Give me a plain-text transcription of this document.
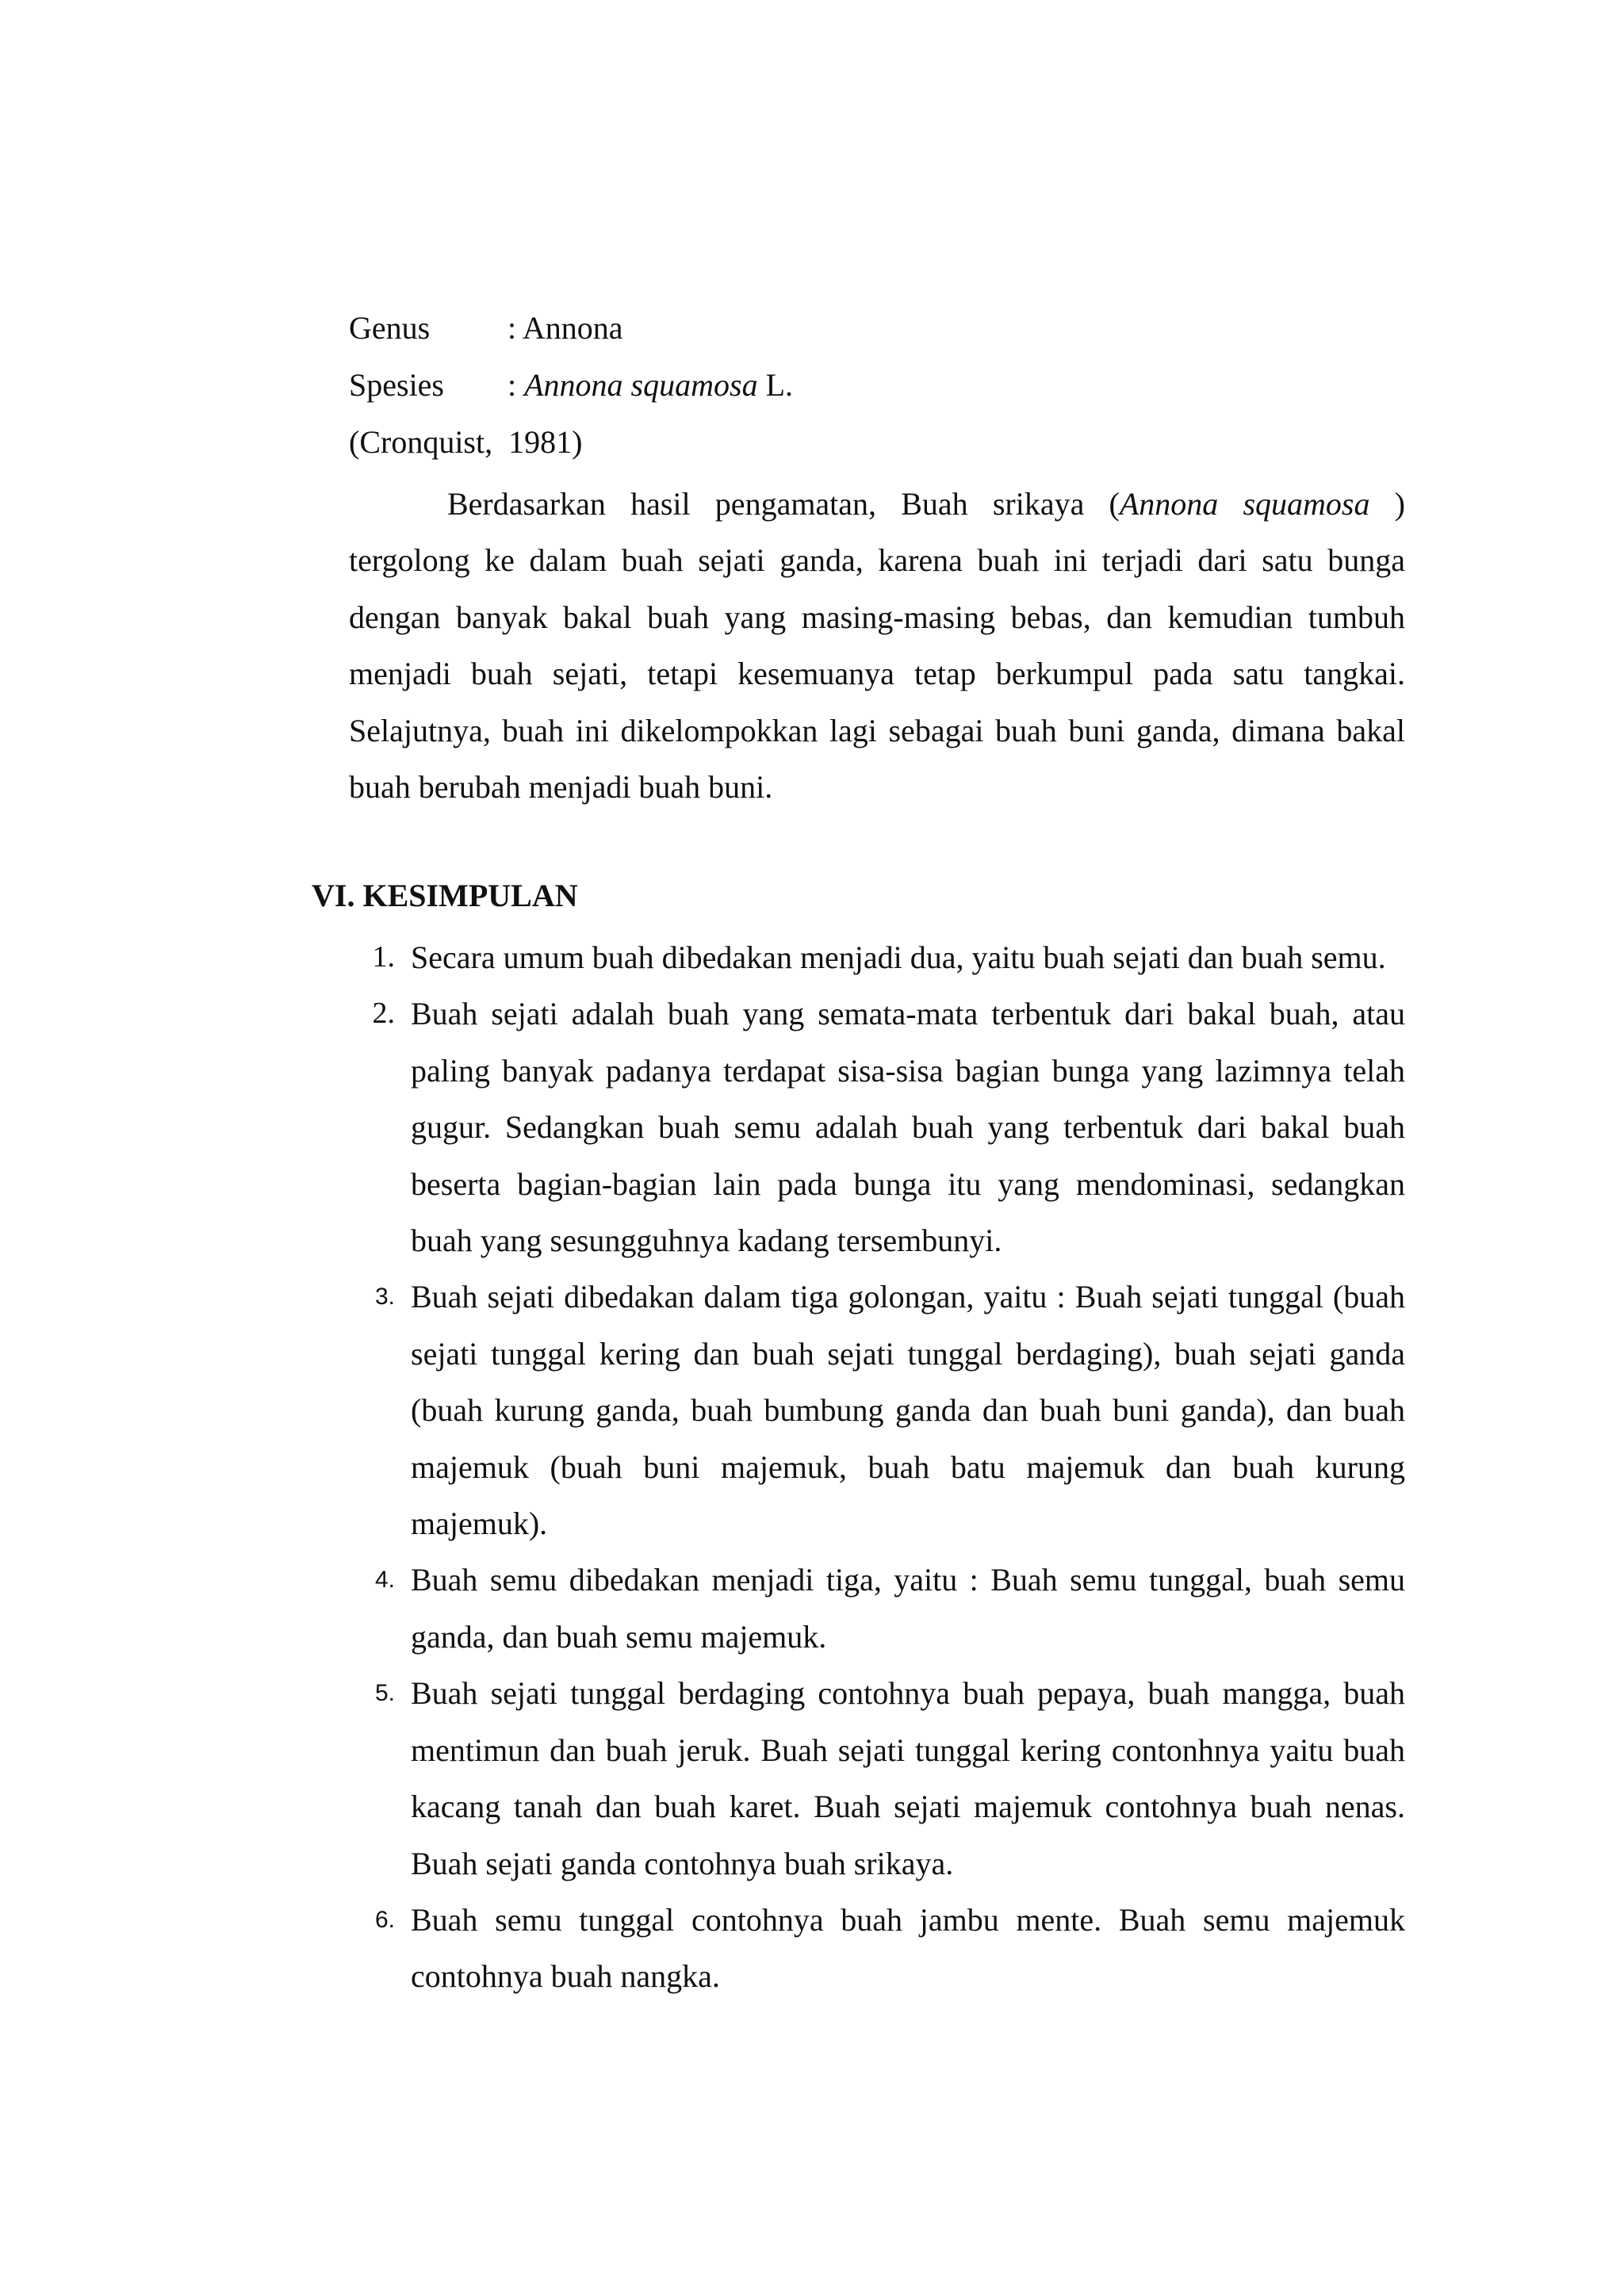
Genus : Annona
Spesies : Annona squamosa L.
(Cronquist,  1981)

Berdasarkan hasil pengamatan, Buah srikaya (Annona squamosa ) tergolong ke dalam buah sejati ganda, karena buah ini terjadi dari satu bunga dengan banyak bakal buah yang masing-masing bebas, dan kemudian tumbuh menjadi buah sejati, tetapi kesemuanya tetap berkumpul pada satu tangkai. Selajutnya, buah ini dikelompokkan lagi sebagai buah buni ganda, dimana bakal buah berubah menjadi buah buni.

VI. KESIMPULAN
1. Secara umum buah dibedakan menjadi dua, yaitu buah sejati dan buah semu.
2. Buah sejati adalah buah yang semata-mata terbentuk dari bakal buah, atau paling banyak padanya terdapat sisa-sisa bagian bunga yang lazimnya telah gugur. Sedangkan buah semu adalah buah yang terbentuk dari bakal buah beserta bagian-bagian lain pada bunga itu yang mendominasi, sedangkan buah yang sesungguhnya kadang tersembunyi.
3. Buah sejati dibedakan dalam tiga golongan, yaitu : Buah sejati tunggal (buah sejati tunggal kering dan buah sejati tunggal berdaging), buah sejati ganda (buah kurung ganda, buah bumbung ganda dan buah buni ganda), dan buah majemuk (buah buni majemuk, buah batu majemuk dan buah kurung majemuk).
4. Buah semu dibedakan menjadi tiga, yaitu : Buah semu tunggal, buah semu ganda, dan buah semu majemuk.
5. Buah sejati tunggal berdaging contohnya buah pepaya, buah mangga, buah mentimun dan buah jeruk. Buah sejati tunggal kering contonhnya yaitu buah kacang tanah dan buah karet. Buah sejati majemuk contohnya buah nenas. Buah sejati ganda contohnya buah srikaya.
6. Buah semu tunggal contohnya buah jambu mente. Buah semu majemuk contohnya buah nangka.
